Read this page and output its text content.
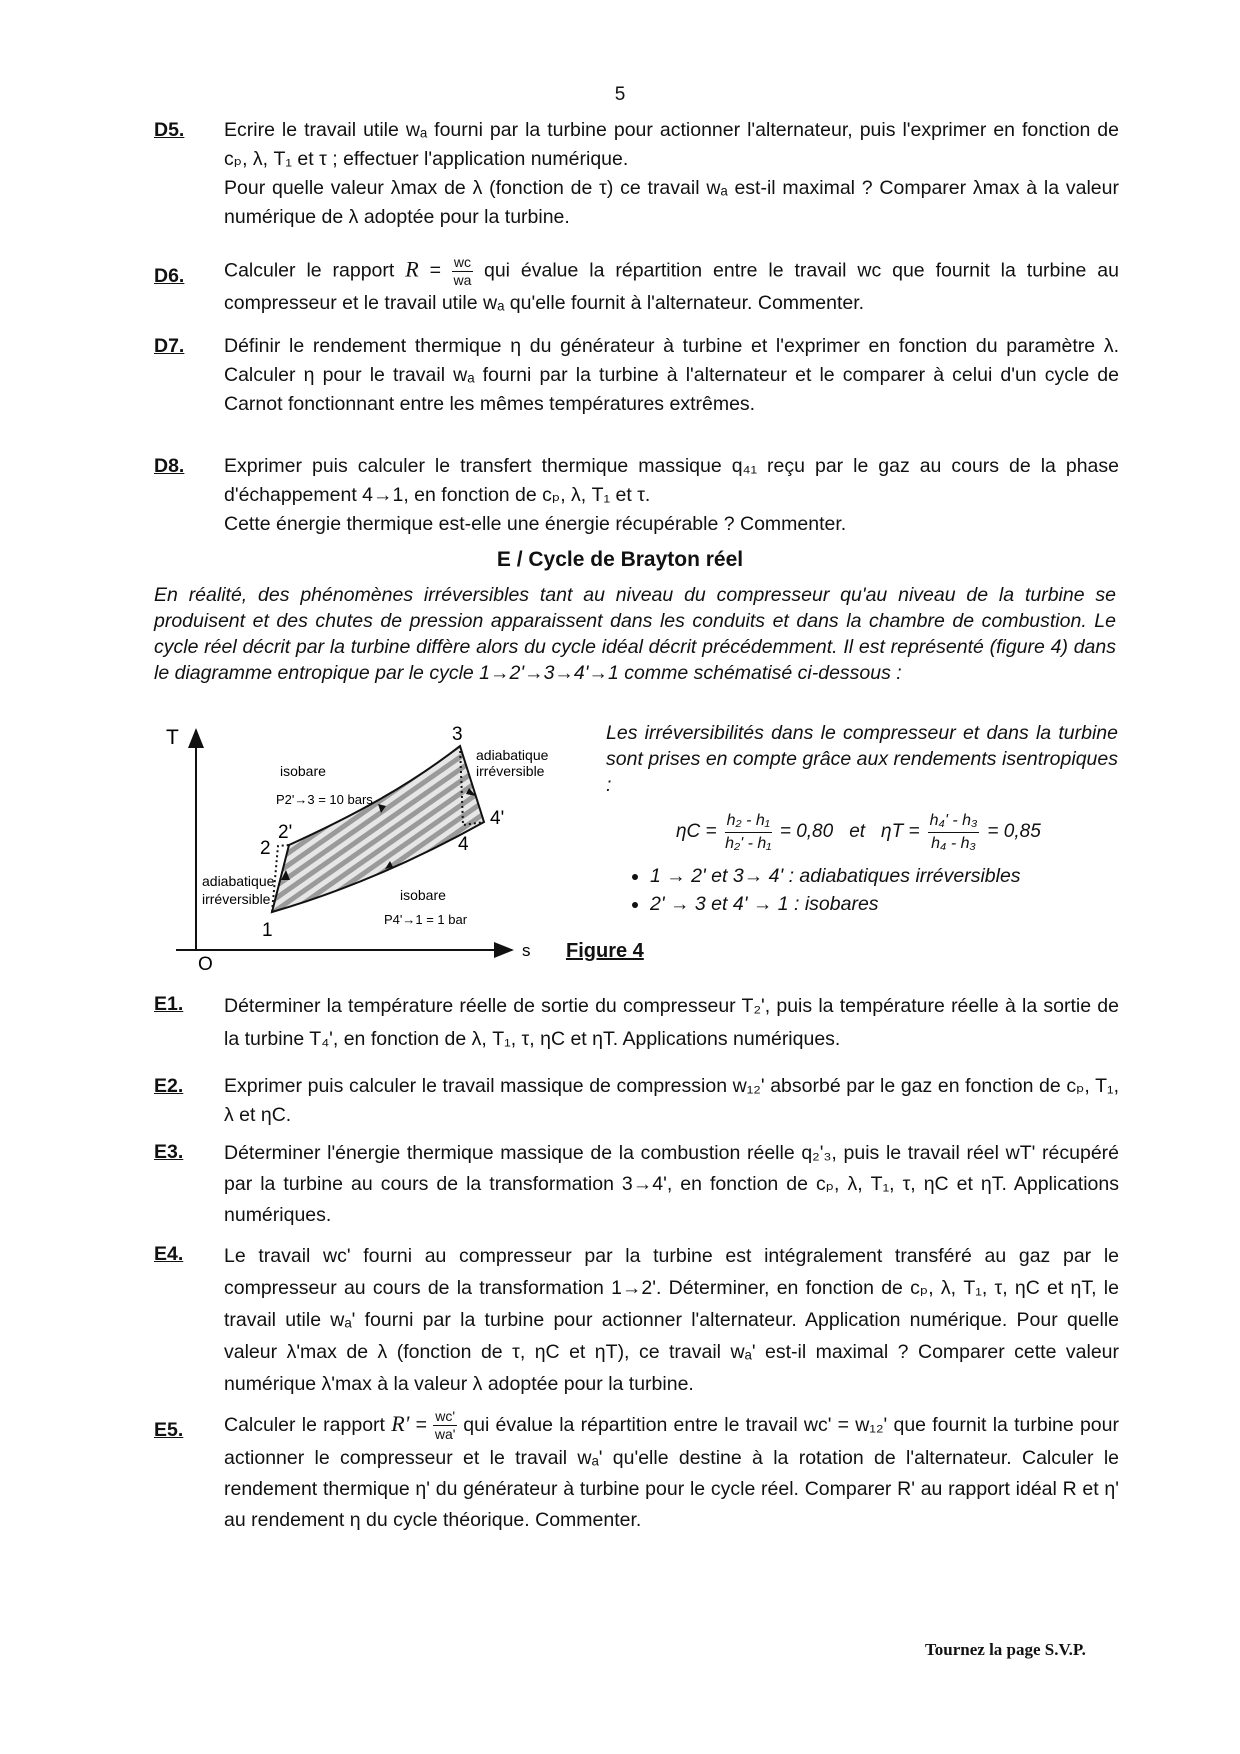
5
D5. Ecrire le travail utile wₐ fourni par la turbine pour actionner l'alternateur, puis l'exprimer en fonction de cₚ, λ, T₁ et τ ; effectuer l'application numérique.

Pour quelle valeur λmax de λ (fonction de τ) ce travail wₐ est-il maximal ? Comparer λmax à la valeur numérique de λ adoptée pour la turbine.

D6. Calculer le rapport $R = \frac{wc}{wa}$ qui évalue la répartition entre le travail wc que fournit la turbine au compresseur et le travail utile wₐ qu'elle fournit à l'alternateur. Commenter.

D7. Définir le rendement thermique η du générateur à turbine et l'exprimer en fonction du paramètre λ. Calculer η pour le travail wₐ fourni par la turbine à l'alternateur et le comparer à celui d'un cycle de Carnot fonctionnant entre les mêmes températures extrêmes.

D8. Exprimer puis calculer le transfert thermique massique q₄₁ reçu par le gaz au cours de la phase d'échappement 4→1, en fonction de cₚ, λ, T₁ et τ.

Cette énergie thermique est-elle une énergie récupérable ? Commenter.

E / Cycle de Brayton réel
En réalité, des phénomènes irréversibles tant au niveau du compresseur qu'au niveau de la turbine se produisent et des chutes de pression apparaissent dans les conduits et dans la chambre de combustion. Le cycle réel décrit par la turbine diffère alors du cycle idéal décrit précédemment. Il est représenté (figure 4) dans le diagramme entropique par le cycle 1→2'→3→4'→1 comme schématisé ci-dessous :
T
s
O
1
2
2'
3
4'
4
isobare
P2'→3 = 10 bars
adiabatique
irréversible
adiabatique
irréversible	isobare
P4'→1 = 1 bar
Les irréversibilités dans le compresseur et dans la turbine sont prises en compte grâce aux rendements isentropiques :
• 1 → 2' et 3→ 4' : adiabatiques irréversibles
• 2' → 3 et 4' → 1 : isobares
$\eta C = \frac{\text{h₂ - h₁}}{\text{h₂' - h₁}} = 0,80$ et $\eta T = \frac{\text{h₄' - h₃}}{\text{h₄ - h₃}} = 0,85$
Figure 4
E1. Déterminer la température réelle de sortie du compresseur T₂', puis la température réelle à la sortie de la turbine T₄', en fonction de λ, T₁, τ, ηC et ηT. Applications numériques.

E2. Exprimer puis calculer le travail massique de compression w₁₂' absorbé par le gaz en fonction de cₚ, T₁, λ et ηC.

E3. Déterminer l'énergie thermique massique de la combustion réelle q₂'₃, puis le travail réel wT' récupéré par la turbine au cours de la transformation 3→4', en fonction de cₚ, λ, T₁, τ, ηC et ηT. Applications numériques.

E4. Le travail wc' fourni au compresseur par la turbine est intégralement transféré au gaz par le compresseur au cours de la transformation 1→2'. Déterminer, en fonction de cₚ, λ, T₁, τ, ηC et ηT, le travail utile wₐ' fourni par la turbine pour actionner l'alternateur. Application numérique. Pour quelle valeur λ'max de λ (fonction de τ, ηC et ηT), ce travail wₐ' est-il maximal ? Comparer cette valeur numérique λ'max à la valeur λ adoptée pour la turbine.

E5. Calculer le rapport $R' = \frac{wc'}{wa'}$ qui évalue la répartition entre le travail wc' = w₁₂' que fournit la turbine pour actionner le compresseur et le travail wₐ' qu'elle destine à la rotation de l'alternateur. Calculer le rendement thermique η' du générateur à turbine pour le cycle réel. Comparer R' au rapport idéal R et η' au rendement η du cycle théorique. Commenter.

Tournez la page S.V.P.
